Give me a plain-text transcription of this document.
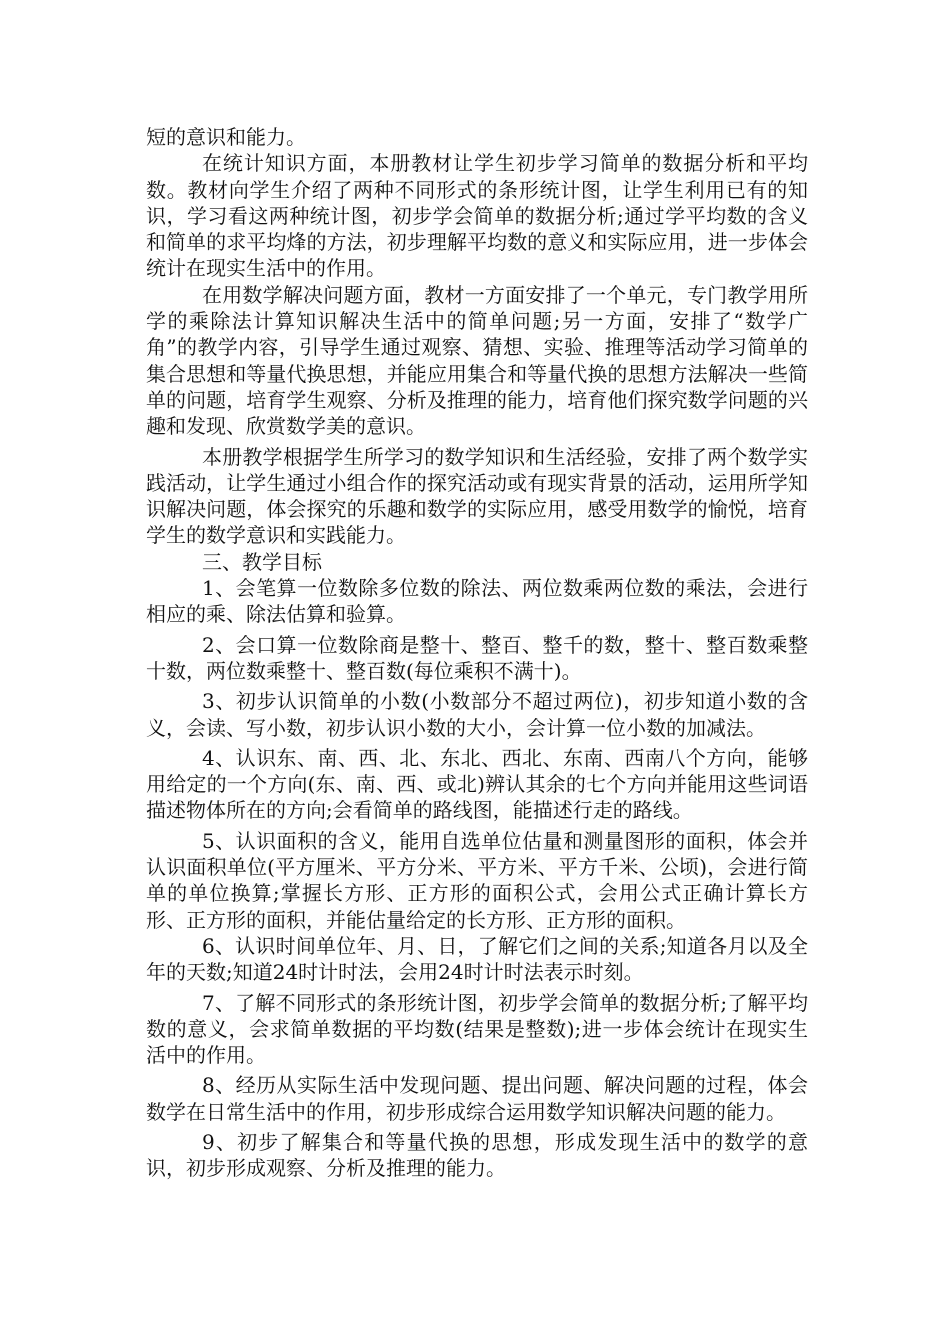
短的意识和能力。

在统计知识方面，本册教材让学生初步学习简单的数据分析和平均数。教材向学生介绍了两种不同形式的条形统计图，让学生利用已有的知识，学习看这两种统计图，初步学会简单的数据分析;通过学平均数的含义和简单的求平均烽的方法，初步理解平均数的意义和实际应用，进一步体会统计在现实生活中的作用。

在用数学解决问题方面，教材一方面安排了一个单元，专门教学用所学的乘除法计算知识解决生活中的简单问题;另一方面，安排了“数学广角”的教学内容，引导学生通过观察、猜想、实验、推理等活动学习简单的集合思想和等量代换思想，并能应用集合和等量代换的思想方法解决一些简单的问题，培育学生观察、分析及推理的能力，培育他们探究数学问题的兴趣和发现、欣赏数学美的意识。

本册教学根据学生所学习的数学知识和生活经验，安排了两个数学实践活动，让学生通过小组合作的探究活动或有现实背景的活动，运用所学知识解决问题，体会探究的乐趣和数学的实际应用，感受用数学的愉悦，培育学生的数学意识和实践能力。

三、教学目标

1、会笔算一位数除多位数的除法、两位数乘两位数的乘法，会进行相应的乘、除法估算和验算。

2、会口算一位数除商是整十、整百、整千的数，整十、整百数乘整十数，两位数乘整十、整百数(每位乘积不满十)。

3、初步认识简单的小数(小数部分不超过两位)，初步知道小数的含义，会读、写小数，初步认识小数的大小，会计算一位小数的加减法。

4、认识东、南、西、北、东北、西北、东南、西南八个方向，能够用给定的一个方向(东、南、西、或北)辨认其余的七个方向并能用这些词语描述物体所在的方向;会看简单的路线图，能描述行走的路线。

5、认识面积的含义，能用自选单位估量和测量图形的面积，体会并认识面积单位(平方厘米、平方分米、平方米、平方千米、公顷)，会进行简单的单位换算;掌握长方形、正方形的面积公式，会用公式正确计算长方形、正方形的面积，并能估量给定的长方形、正方形的面积。

6、认识时间单位年、月、日，了解它们之间的关系;知道各月以及全年的天数;知道24时计时法，会用24时计时法表示时刻。

7、了解不同形式的条形统计图，初步学会简单的数据分析;了解平均数的意义，会求简单数据的平均数(结果是整数);进一步体会统计在现实生活中的作用。

8、经历从实际生活中发现问题、提出问题、解决问题的过程，体会数学在日常生活中的作用，初步形成综合运用数学知识解决问题的能力。

9、初步了解集合和等量代换的思想，形成发现生活中的数学的意识，初步形成观察、分析及推理的能力。
